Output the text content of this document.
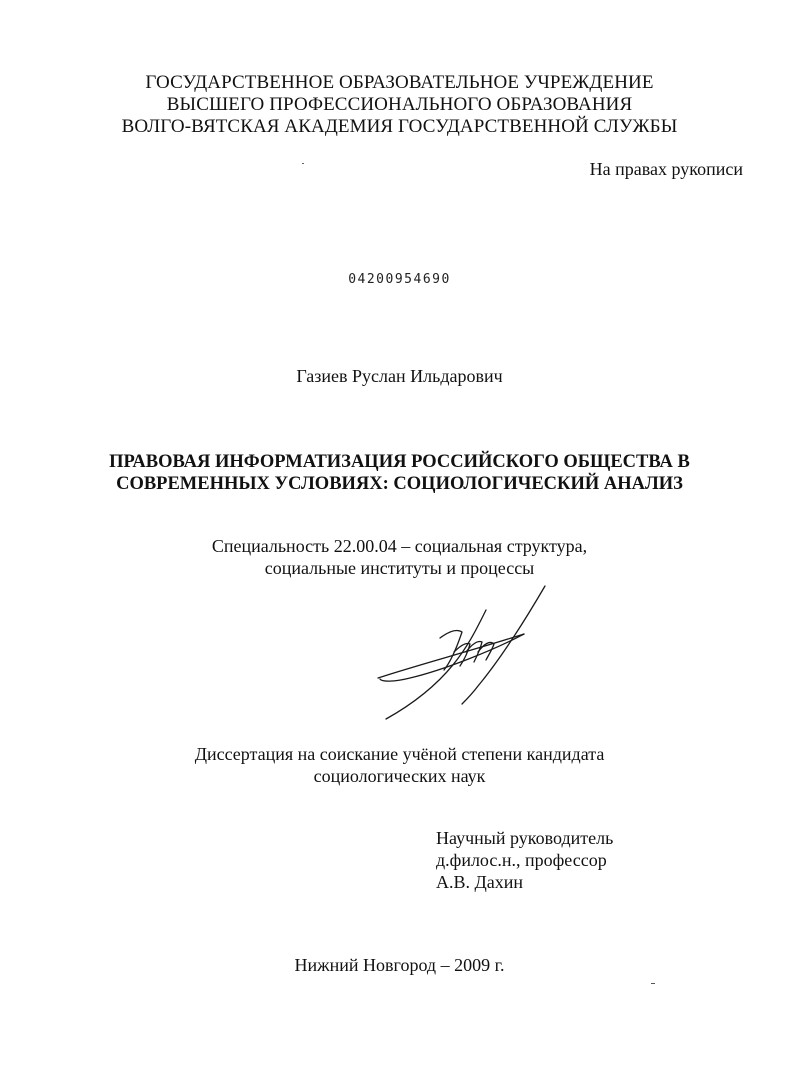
ГОСУДАРСТВЕННОЕ ОБРАЗОВАТЕЛЬНОЕ УЧРЕЖДЕНИЕ
ВЫСШЕГО ПРОФЕССИОНАЛЬНОГО ОБРАЗОВАНИЯ
ВОЛГО-ВЯТСКАЯ АКАДЕМИЯ ГОСУДАРСТВЕННОЙ СЛУЖБЫ
На правах рукописи
04200954690
Газиев Руслан Ильдарович
ПРАВОВАЯ ИНФОРМАТИЗАЦИЯ РОССИЙСКОГО ОБЩЕСТВА В
СОВРЕМЕННЫХ УСЛОВИЯХ: СОЦИОЛОГИЧЕСКИЙ АНАЛИЗ
Специальность 22.00.04 – социальная структура,
социальные институты и процессы
Диссертация на соискание учёной степени кандидата
социологических наук
Научный руководитель
д.филос.н., профессор
А.В. Дахин
Нижний Новгород – 2009 г.
